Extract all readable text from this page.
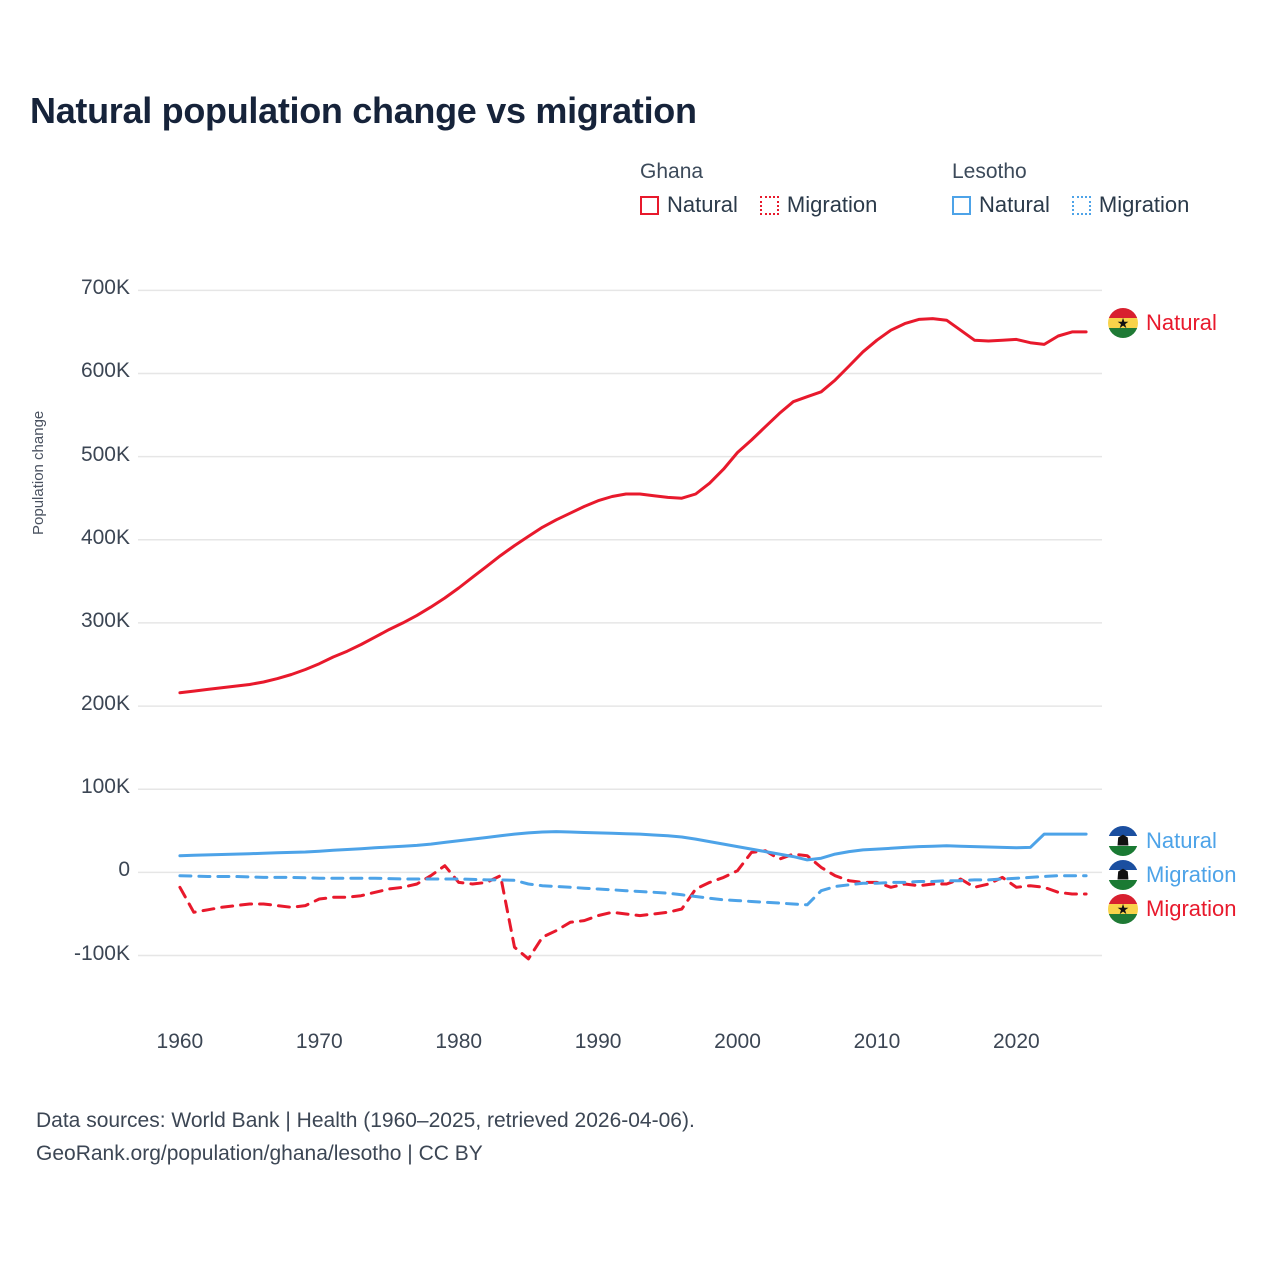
Natural population change vs migration
Ghana
Natural Migration
Lesotho
Natural Migration
Population change
-100K
0
100K
200K
300K
400K
500K
600K
700K
1960	1970	1980	1990	2000	2010	2020
★
Natural
☗
Natural
☗
Migration
★
Migration
Data sources: World Bank | Health (1960–2025, retrieved 2026-04-06).
GeoRank.org/population/ghana/lesotho | CC BY
